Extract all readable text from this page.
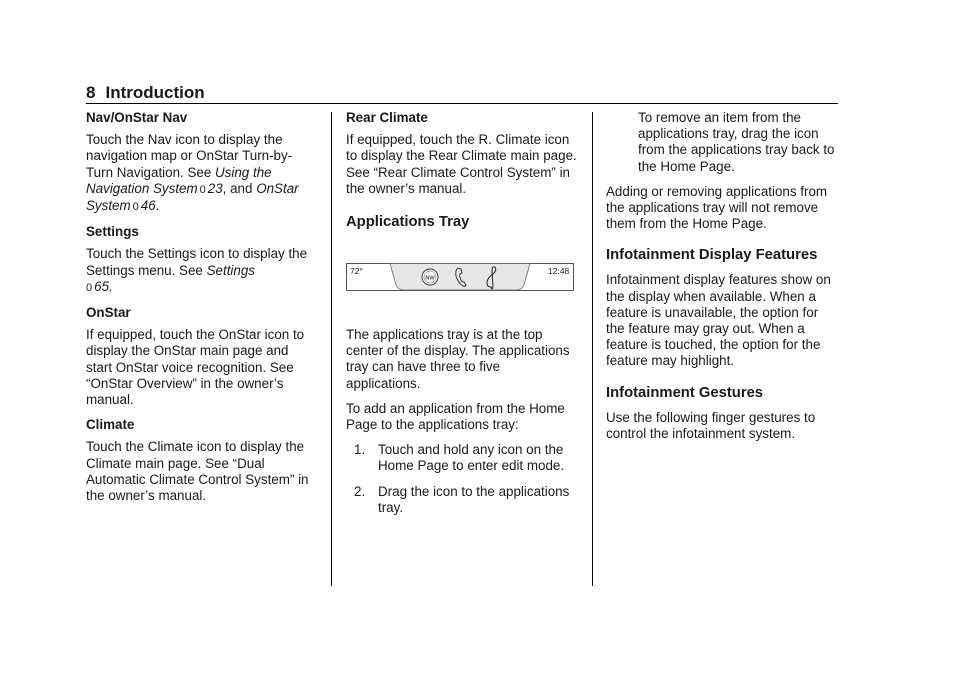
8 Introduction
Nav/OnStar Nav
Touch the Nav icon to display the navigation map or OnStar Turn-by-Turn Navigation. See Using the Navigation System 0 23, and OnStar System 0 46.
Settings
Touch the Settings icon to display the Settings menu. See Settings
0 65.
OnStar
If equipped, touch the OnStar icon to display the OnStar main page and start OnStar voice recognition. See “OnStar Overview” in the owner’s manual.
Climate
Touch the Climate icon to display the Climate main page. See “Dual Automatic Climate Control System” in the owner’s manual.
Rear Climate
If equipped, touch the R. Climate icon to display the Rear Climate main page. See “Rear Climate Control System” in the owner’s manual.
Applications Tray
72°	12:48
NW
The applications tray is at the top center of the display. The applications tray can have three to five applications.
To add an application from the Home Page to the applications tray:
1. Touch and hold any icon on the Home Page to enter edit mode.
2. Drag the icon to the applications tray.
To remove an item from the applications tray, drag the icon from the applications tray back to the Home Page.
Adding or removing applications from the applications tray will not remove them from the Home Page.
Infotainment Display Features
Infotainment display features show on the display when available. When a feature is unavailable, the option for the feature may gray out. When a feature is touched, the option for the feature may highlight.
Infotainment Gestures
Use the following finger gestures to control the infotainment system.
